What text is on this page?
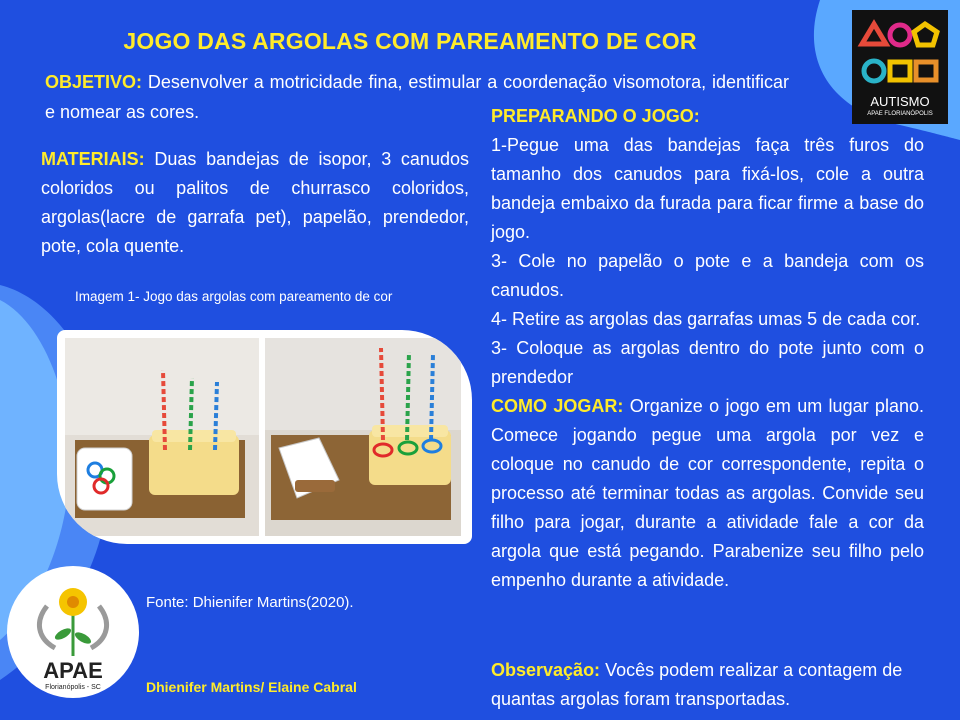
JOGO DAS ARGOLAS COM PAREAMENTO DE COR
OBJETIVO: Desenvolver a motricidade fina, estimular a coordenação visomotora, identificar e nomear as cores.
MATERIAIS: Duas bandejas de isopor, 3 canudos coloridos ou palitos de churrasco coloridos, argolas(lacre de garrafa pet), papelão, prendedor, pote, cola quente.
Imagem 1- Jogo das argolas com pareamento de cor
Fonte: Dhienifer Martins(2020).
Dhienifer Martins/ Elaine Cabral
PREPARANDO O JOGO:
1-Pegue uma das bandejas faça três furos do tamanho dos canudos para fixá-los, cole a outra bandeja embaixo da furada para ficar firme a base do jogo.
3- Cole no papelão o pote e a bandeja com os canudos.
4- Retire as argolas das garrafas umas 5 de cada cor.
3- Coloque as argolas dentro do pote junto com o prendedor
COMO JOGAR: Organize o jogo em um lugar plano. Comece jogando pegue uma argola por vez e coloque no canudo de cor correspondente, repita o processo até terminar todas as argolas. Convide seu filho para jogar, durante a atividade fale a cor da argola que está pegando. Parabenize seu filho pelo empenho durante a atividade.
Observação: Vocês podem realizar a contagem de quantas argolas foram transportadas.
AUTISMO
APAE FLORIANÓPOLIS
APAE
Florianópolis - SC
